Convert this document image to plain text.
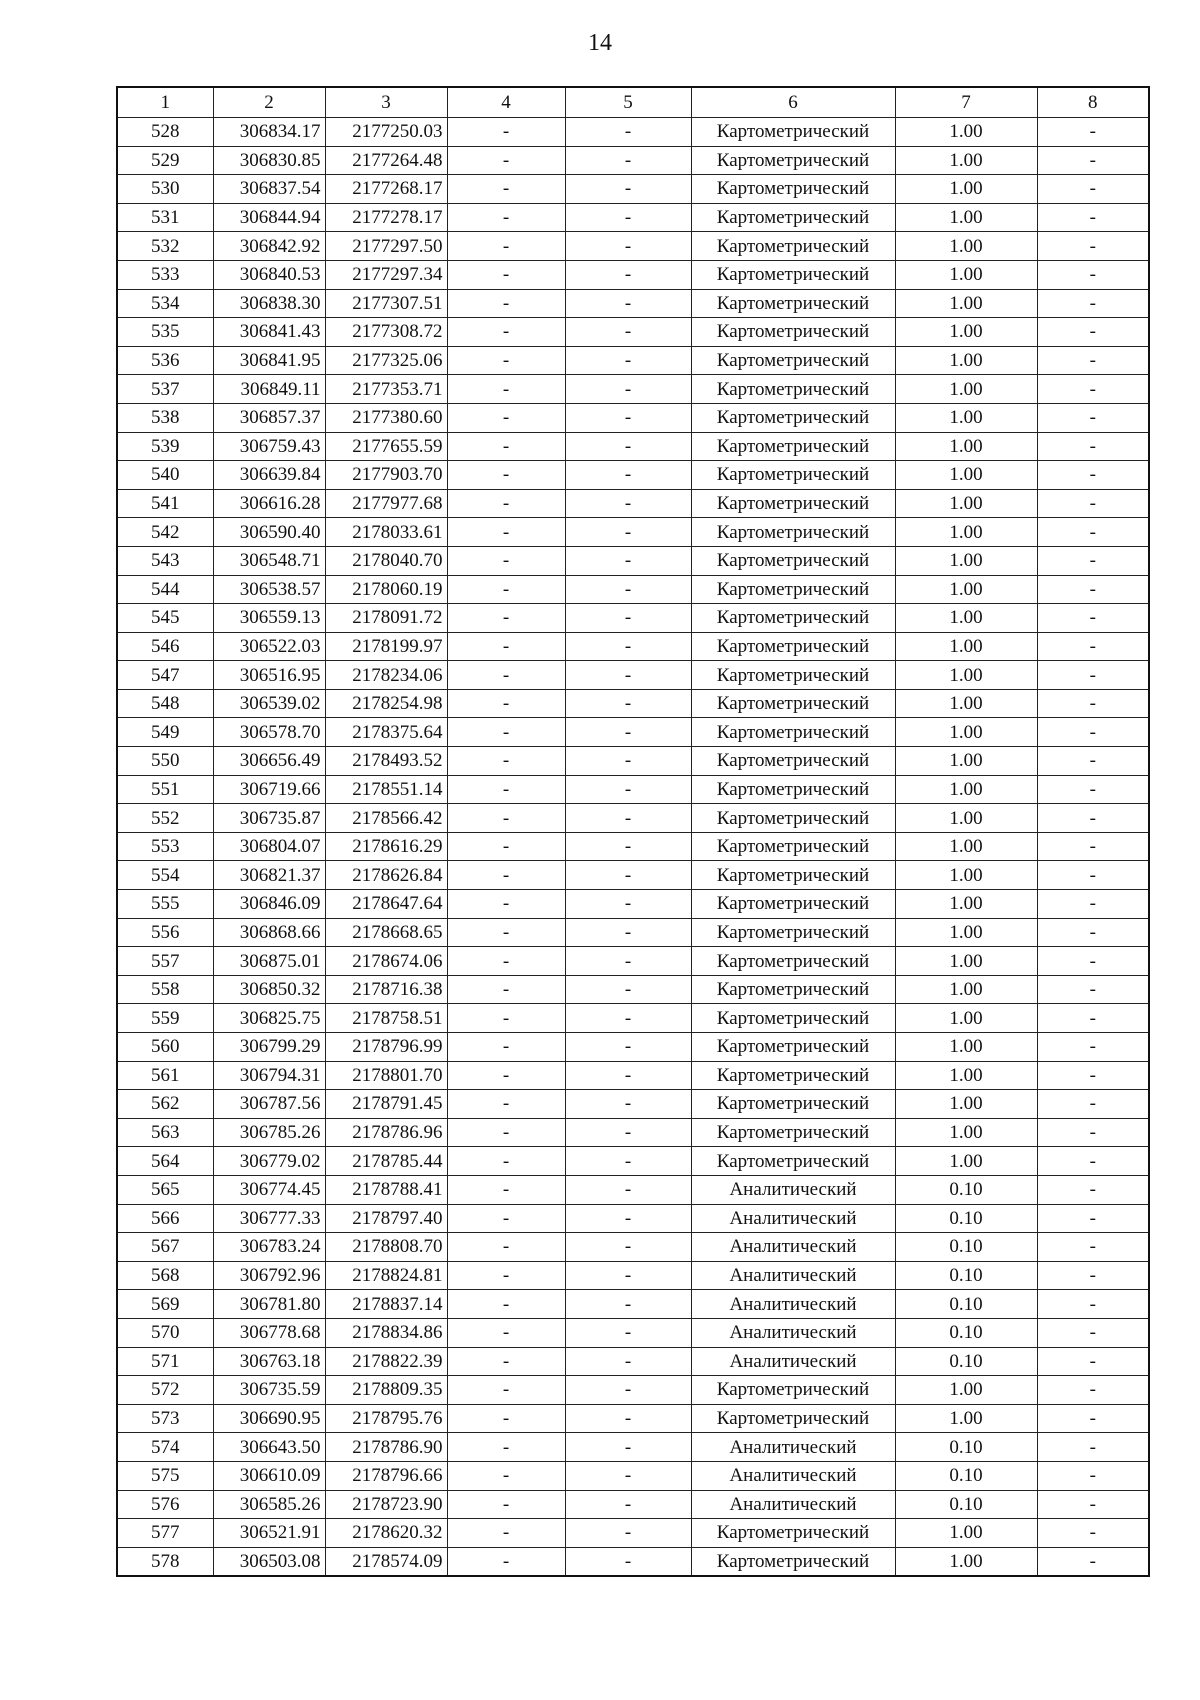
14
1	2	3	4	5	6	7	8
528	306834.17	2177250.03	-	-	Картометрический	1.00	-
529	306830.85	2177264.48	-	-	Картометрический	1.00	-
530	306837.54	2177268.17	-	-	Картометрический	1.00	-
531	306844.94	2177278.17	-	-	Картометрический	1.00	-
532	306842.92	2177297.50	-	-	Картометрический	1.00	-
533	306840.53	2177297.34	-	-	Картометрический	1.00	-
534	306838.30	2177307.51	-	-	Картометрический	1.00	-
535	306841.43	2177308.72	-	-	Картометрический	1.00	-
536	306841.95	2177325.06	-	-	Картометрический	1.00	-
537	306849.11	2177353.71	-	-	Картометрический	1.00	-
538	306857.37	2177380.60	-	-	Картометрический	1.00	-
539	306759.43	2177655.59	-	-	Картометрический	1.00	-
540	306639.84	2177903.70	-	-	Картометрический	1.00	-
541	306616.28	2177977.68	-	-	Картометрический	1.00	-
542	306590.40	2178033.61	-	-	Картометрический	1.00	-
543	306548.71	2178040.70	-	-	Картометрический	1.00	-
544	306538.57	2178060.19	-	-	Картометрический	1.00	-
545	306559.13	2178091.72	-	-	Картометрический	1.00	-
546	306522.03	2178199.97	-	-	Картометрический	1.00	-
547	306516.95	2178234.06	-	-	Картометрический	1.00	-
548	306539.02	2178254.98	-	-	Картометрический	1.00	-
549	306578.70	2178375.64	-	-	Картометрический	1.00	-
550	306656.49	2178493.52	-	-	Картометрический	1.00	-
551	306719.66	2178551.14	-	-	Картометрический	1.00	-
552	306735.87	2178566.42	-	-	Картометрический	1.00	-
553	306804.07	2178616.29	-	-	Картометрический	1.00	-
554	306821.37	2178626.84	-	-	Картометрический	1.00	-
555	306846.09	2178647.64	-	-	Картометрический	1.00	-
556	306868.66	2178668.65	-	-	Картометрический	1.00	-
557	306875.01	2178674.06	-	-	Картометрический	1.00	-
558	306850.32	2178716.38	-	-	Картометрический	1.00	-
559	306825.75	2178758.51	-	-	Картометрический	1.00	-
560	306799.29	2178796.99	-	-	Картометрический	1.00	-
561	306794.31	2178801.70	-	-	Картометрический	1.00	-
562	306787.56	2178791.45	-	-	Картометрический	1.00	-
563	306785.26	2178786.96	-	-	Картометрический	1.00	-
564	306779.02	2178785.44	-	-	Картометрический	1.00	-
565	306774.45	2178788.41	-	-	Аналитический	0.10	-
566	306777.33	2178797.40	-	-	Аналитический	0.10	-
567	306783.24	2178808.70	-	-	Аналитический	0.10	-
568	306792.96	2178824.81	-	-	Аналитический	0.10	-
569	306781.80	2178837.14	-	-	Аналитический	0.10	-
570	306778.68	2178834.86	-	-	Аналитический	0.10	-
571	306763.18	2178822.39	-	-	Аналитический	0.10	-
572	306735.59	2178809.35	-	-	Картометрический	1.00	-
573	306690.95	2178795.76	-	-	Картометрический	1.00	-
574	306643.50	2178786.90	-	-	Аналитический	0.10	-
575	306610.09	2178796.66	-	-	Аналитический	0.10	-
576	306585.26	2178723.90	-	-	Аналитический	0.10	-
577	306521.91	2178620.32	-	-	Картометрический	1.00	-
578	306503.08	2178574.09	-	-	Картометрический	1.00	-
